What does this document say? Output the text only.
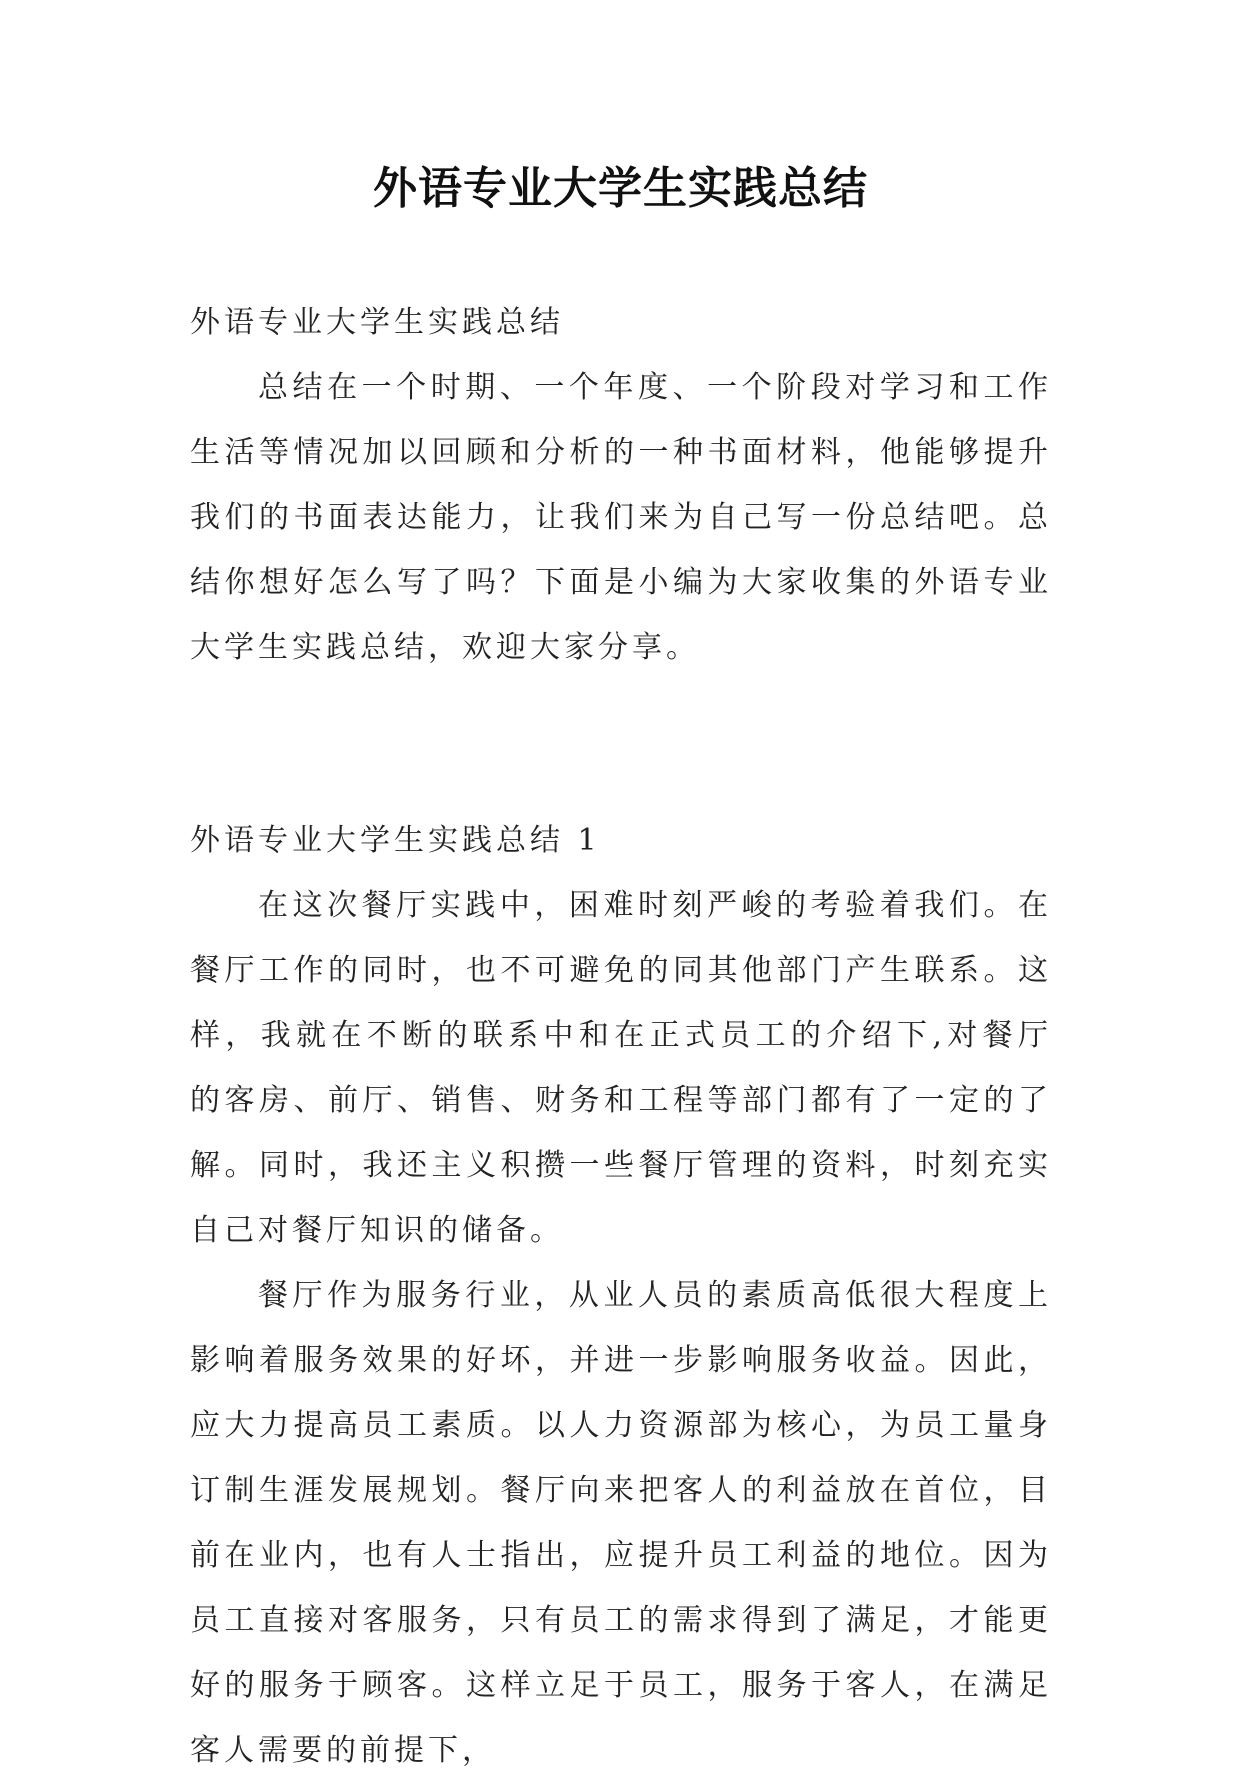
外语专业大学生实践总结

外语专业大学生实践总结

总结在一个时期、一个年度、一个阶段对学习和工作生活等情况加以回顾和分析的一种书面材料，他能够提升我们的书面表达能力，让我们来为自己写一份总结吧。总结你想好怎么写了吗？下面是小编为大家收集的外语专业大学生实践总结，欢迎大家分享。

外语专业大学生实践总结 1

在这次餐厅实践中，困难时刻严峻的考验着我们。在餐厅工作的同时，也不可避免的同其他部门产生联系。这样，我就在不断的联系中和在正式员工的介绍下,对餐厅的客房、前厅、销售、财务和工程等部门都有了一定的了解。同时，我还主义积攒一些餐厅管理的资料，时刻充实自己对餐厅知识的储备。

餐厅作为服务行业，从业人员的素质高低很大程度上影响着服务效果的好坏，并进一步影响服务收益。因此，应大力提高员工素质。以人力资源部为核心，为员工量身订制生涯发展规划。餐厅向来把客人的利益放在首位，目前在业内，也有人士指出，应提升员工利益的地位。因为员工直接对客服务，只有员工的需求得到了满足，才能更好的服务于顾客。这样立足于员工，服务于客人，在满足客人需要的前提下，
